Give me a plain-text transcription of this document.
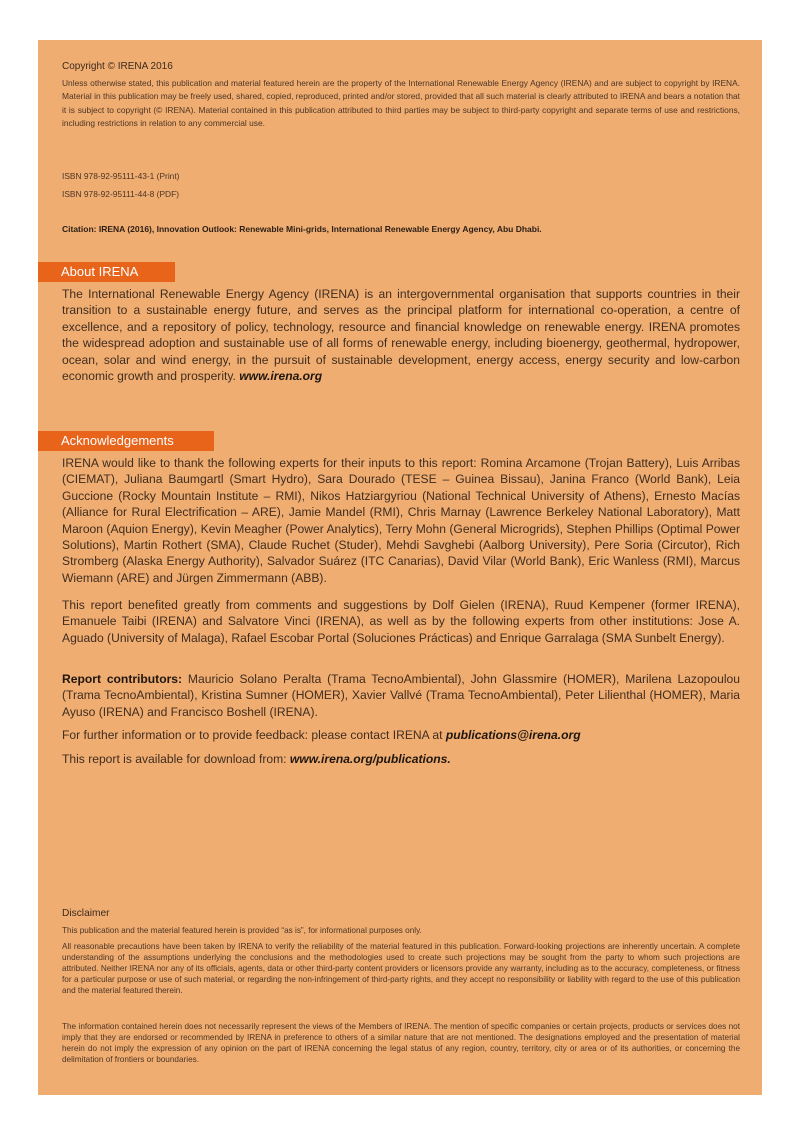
Copyright © IRENA 2016

Unless otherwise stated, this publication and material featured herein are the property of the International Renewable Energy Agency (IRENA) and are subject to copyright by IRENA. Material in this publication may be freely used, shared, copied, reproduced, printed and/or stored, provided that all such material is clearly attributed to IRENA and bears a notation that it is subject to copyright (© IRENA). Material contained in this publication attributed to third parties may be subject to third-party copyright and separate terms of use and restrictions, including restrictions in relation to any commercial use.

ISBN 978-92-95111-43-1 (Print)
ISBN 978-92-95111-44-8 (PDF)
Citation: IRENA (2016), Innovation Outlook: Renewable Mini-grids, International Renewable Energy Agency, Abu Dhabi.
About IRENA

The International Renewable Energy Agency (IRENA) is an intergovernmental organisation that supports countries in their transition to a sustainable energy future, and serves as the principal platform for international co-operation, a centre of excellence, and a repository of policy, technology, resource and financial knowledge on renewable energy. IRENA promotes the widespread adoption and sustainable use of all forms of renewable energy, including bioenergy, geothermal, hydropower, ocean, solar and wind energy, in the pursuit of sustainable development, energy access, energy security and low-carbon economic growth and prosperity. www.irena.org

Acknowledgements

IRENA would like to thank the following experts for their inputs to this report: Romina Arcamone (Trojan Battery), Luis Arribas (CIEMAT), Juliana Baumgartl (Smart Hydro), Sara Dourado (TESE – Guinea Bissau), Janina Franco (World Bank), Leia Guccione (Rocky Mountain Institute – RMI), Nikos Hatziargyriou (National Technical University of Athens), Ernesto Macías (Alliance for Rural Electrification – ARE), Jamie Mandel (RMI), Chris Marnay (Lawrence Berkeley National Laboratory), Matt Maroon (Aquion Energy), Kevin Meagher (Power Analytics), Terry Mohn (General Microgrids), Stephen Phillips (Optimal Power Solutions), Martin Rothert (SMA), Claude Ruchet (Studer), Mehdi Savghebi (Aalborg University), Pere Soria (Circutor), Rich Stromberg (Alaska Energy Authority), Salvador Suárez (ITC Canarias), David Vilar (World Bank), Eric Wanless (RMI), Marcus Wiemann (ARE) and Jürgen Zimmermann (ABB).

This report benefited greatly from comments and suggestions by Dolf Gielen (IRENA), Ruud Kempener (former IRENA), Emanuele Taibi (IRENA) and Salvatore Vinci (IRENA), as well as by the following experts from other institutions: Jose A. Aguado (University of Malaga), Rafael Escobar Portal (Soluciones Prácticas) and Enrique Garralaga (SMA Sunbelt Energy).

Report contributors: Mauricio Solano Peralta (Trama TecnoAmbiental), John Glassmire (HOMER), Marilena Lazopoulou (Trama TecnoAmbiental), Kristina Sumner (HOMER), Xavier Vallvé (Trama TecnoAmbiental), Peter Lilienthal (HOMER), Maria Ayuso (IRENA) and Francisco Boshell (IRENA).

For further information or to provide feedback: please contact IRENA at publications@irena.org
This report is available for download from: www.irena.org/publications.
Disclaimer

This publication and the material featured herein is provided “as is”, for informational purposes only.

All reasonable precautions have been taken by IRENA to verify the reliability of the material featured in this publication. Forward-looking projections are inherently uncertain. A complete understanding of the assumptions underlying the conclusions and the methodologies used to create such projections may be sought from the party to whom such projections are attributed. Neither IRENA nor any of its officials, agents, data or other third-party content providers or licensors provide any warranty, including as to the accuracy, completeness, or fitness for a particular purpose or use of such material, or regarding the non-infringement of third-party rights, and they accept no responsibility or liability with regard to the use of this publication and the material featured therein.

The information contained herein does not necessarily represent the views of the Members of IRENA. The mention of specific companies or certain projects, products or services does not imply that they are endorsed or recommended by IRENA in preference to others of a similar nature that are not mentioned. The designations employed and the presentation of material herein do not imply the expression of any opinion on the part of IRENA concerning the legal status of any region, country, territory, city or area or of its authorities, or concerning the delimitation of frontiers or boundaries.
